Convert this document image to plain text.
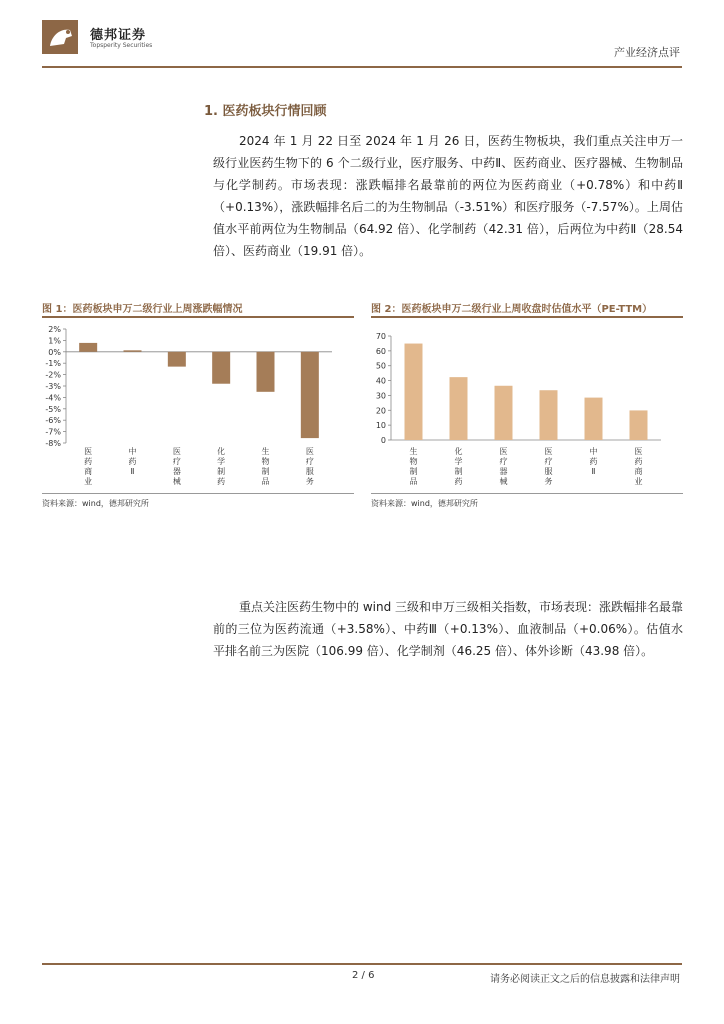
德邦证券
Topsperity Securities
产业经济点评
1. 医药板块行情回顾

2024 年 1 月 22 日至 2024 年 1 月 26 日，医药生物板块，我们重点关注申万一级行业医药生物下的 6 个二级行业，医疗服务、中药Ⅱ、医药商业、医疗器械、生物制品与化学制药。市场表现：涨跌幅排名最靠前的两位为医药商业（+0.78%）和中药Ⅱ（+0.13%），涨跌幅排名后二的为生物制品（-3.51%）和医疗服务（-7.57%）。上周估值水平前两位为生物制品（64.92 倍）、化学制药（42.31 倍），后两位为中药Ⅱ（28.54 倍）、医药商业（19.91 倍）。

图 1：医药板块申万二级行业上周涨跌幅情况
2%
1%
0%
-1%
-2%
-3%
-4%
-5%
-6%
-7%
-8%
医药商业
中药 Ⅱ
医疗器械
化学制药
生物制品
医疗服务
资料来源：wind，德邦研究所
图 2：医药板块申万二级行业上周收盘时估值水平（PE-TTM）
70
60
50
40
30
20
10
0
生物制品
化学制药
医疗器械
医疗服务
中药 Ⅱ
医药商业
资料来源：wind，德邦研究所

重点关注医药生物中的 wind 三级和申万三级相关指数，市场表现：涨跌幅排名最靠前的三位为医药流通（+3.58%）、中药Ⅲ（+0.13%）、血液制品（+0.06%）。估值水平排名前三为医院（106.99 倍）、化学制剂（46.25 倍）、体外诊断（43.98 倍）。

2 / 6	请务必阅读正文之后的信息披露和法律声明
